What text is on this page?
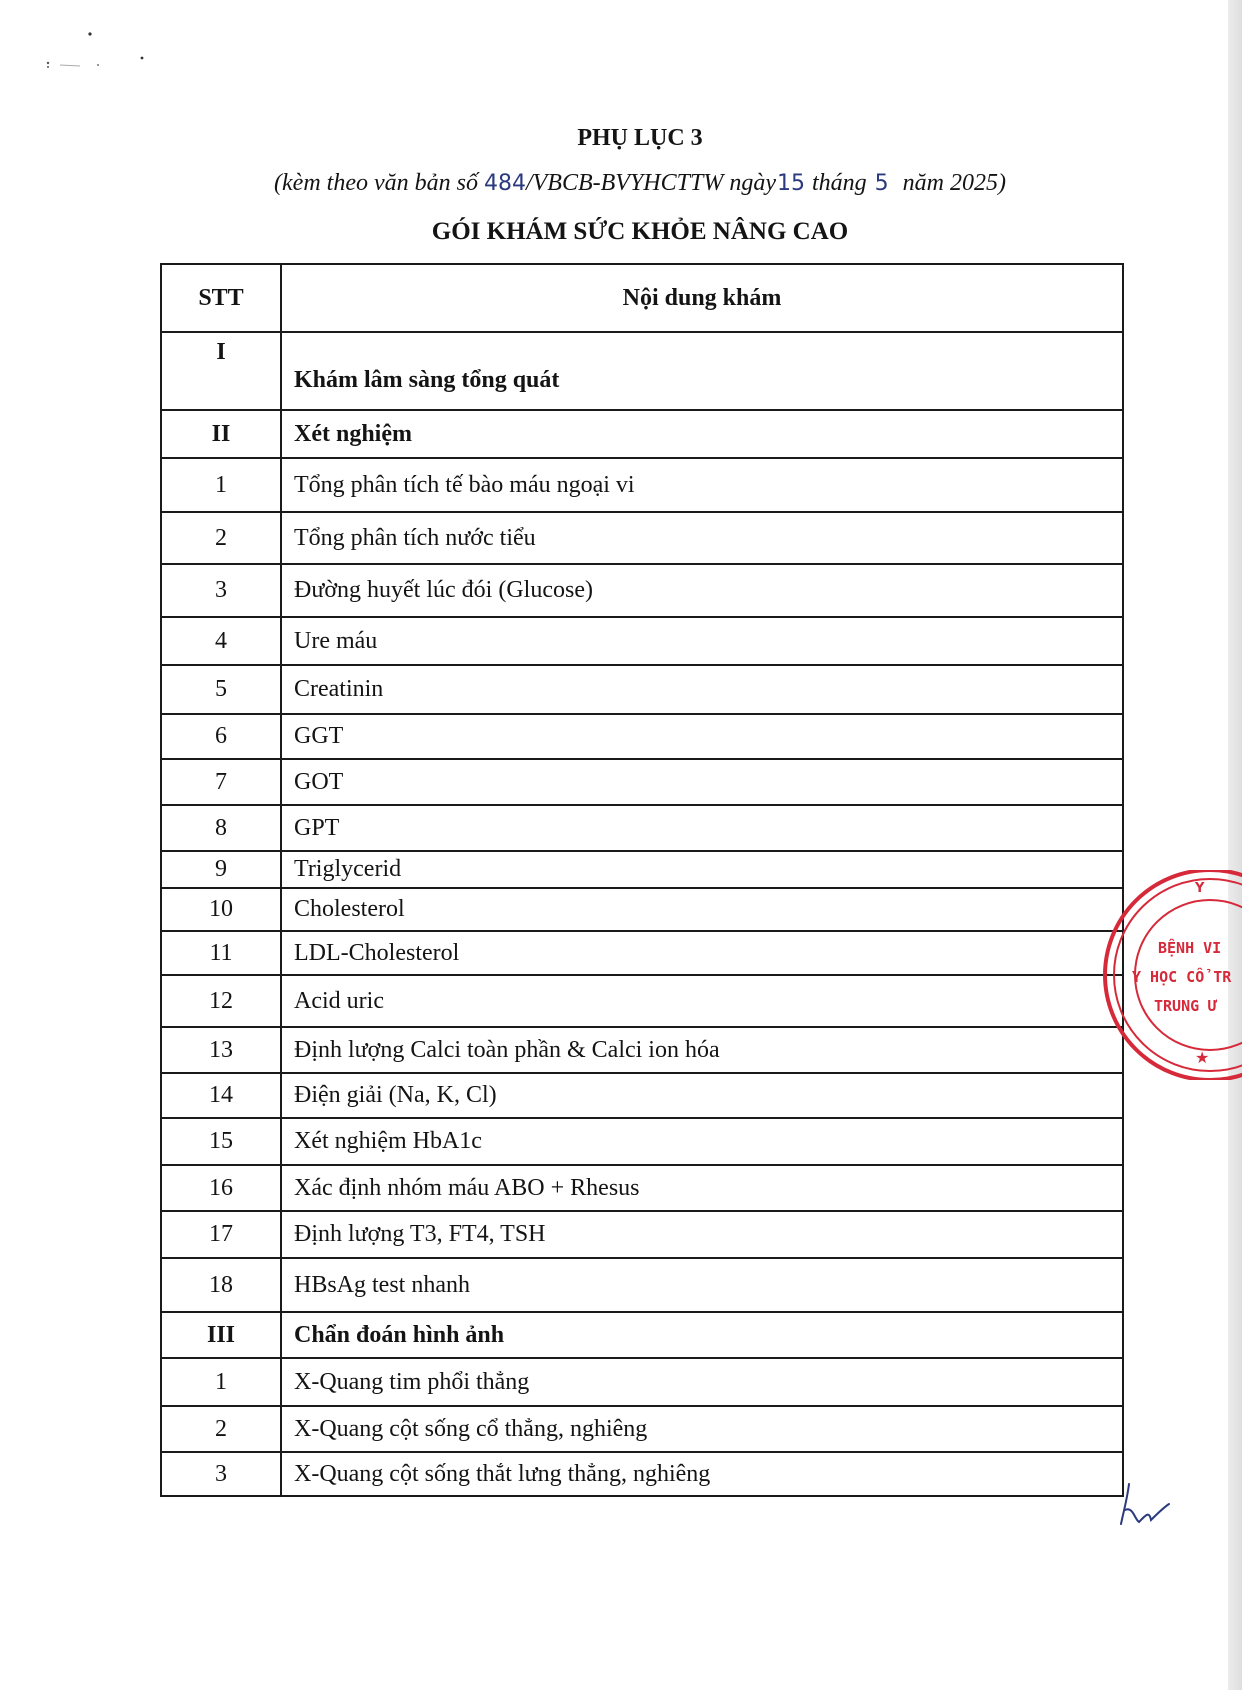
PHỤ LỤC 3
(kèm theo văn bản số 484/VBCB-BVYHCTTW ngày15 tháng 5 năm 2025)
GÓI KHÁM SỨC KHỎE NÂNG CAO
STT	Nội dung khám
I	Khám lâm sàng tổng quát
II	Xét nghiệm
1	Tổng phân tích tế bào máu ngoại vi
2	Tổng phân tích nước tiểu
3	Đường huyết lúc đói (Glucose)
4	Ure máu
5	Creatinin
6	GGT
7	GOT
8	GPT
9	Triglycerid
10	Cholesterol
11	LDL-Cholesterol
12	Acid uric
13	Định lượng Calci toàn phần & Calci ion hóa
14	Điện giải (Na, K, Cl)
15	Xét nghiệm HbA1c
16	Xác định nhóm máu ABO + Rhesus
17	Định lượng T3, FT4, TSH
18	HBsAg test nhanh
III	Chẩn đoán hình ảnh
1	X-Quang tim phổi thẳng
2	X-Quang cột sống cổ thẳng, nghiêng
3	X-Quang cột sống thắt lưng thẳng, nghiêng
Y
★
BỆNH VI
Y HỌC CỔ TR
TRUNG Ư
